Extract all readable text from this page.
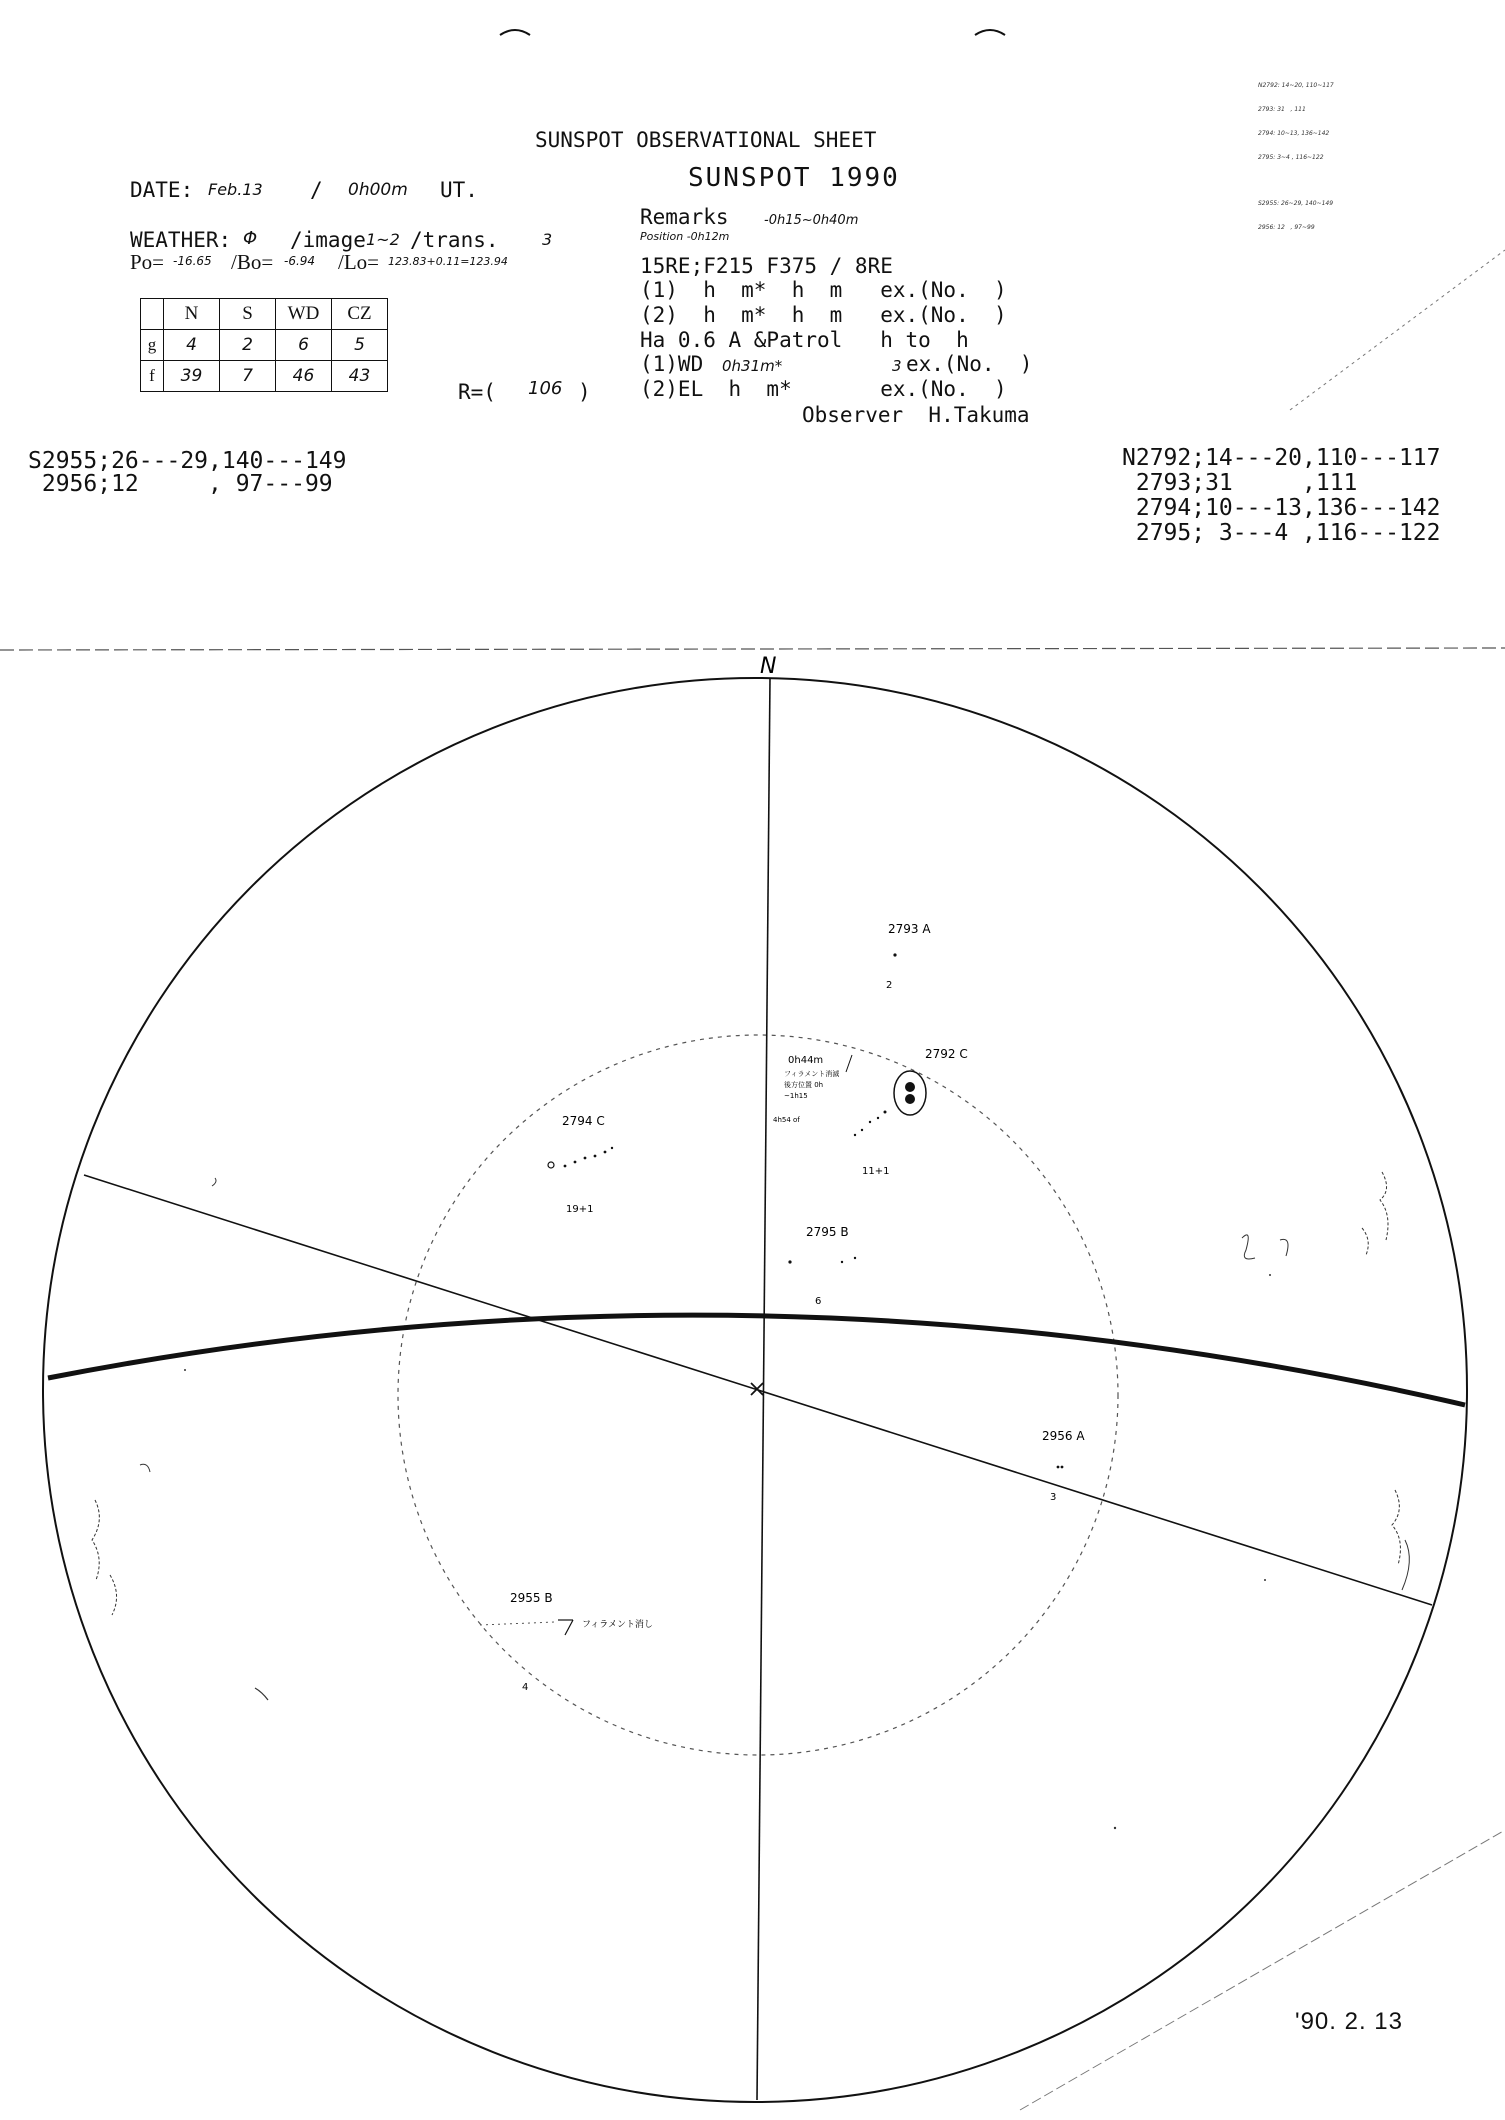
SUNSPOT OBSERVATIONAL SHEET
SUNSPOT 1990
DATE: Feb.13 / 0h00m UT.
WEATHER: Φ /image 1~2 /trans.	3
Po= -16.65 /Bo= -6.94 /Lo= 123.83+0.11=123.94
	N	S	WD	CZ
g	4	2	6	5
f	39	7	46	43
R=( 106 )
Remarks	-0h15~0h40m
Position -0h12m
15RE;F215 F375 / 8RE
(1)  h  m*  h  m   ex.(No.  )
(2)  h  m*  h  m   ex.(No.  )
Ha 0.6 A &Patrol   h to  h
(1)WD 0h31m*	3 ex.(No.  )
(2)EL  h  m*       ex.(No.  )
Observer  H.Takuma
S2955;26---29,140---149
2956;12     , 97---99
N2792;14---20,110---117
2793;31     ,111
2794;10---13,136---142
2795; 3---4 ,116---122

N2792: 14~20, 110~117

2793: 31   , 111

2794: 10~13, 136~142

2795: 3~4 , 116~122

S2955: 26~29, 140~149

2956: 12   , 97~99

N
2793 A
2
2792 C
11+1
0h44m
フィラメント消滅
後方位置 0h
~1h15
4h54 of
2794 C
19+1
2795 B
6
2956 A
3
2955 B
フィラメント消し
4
'90. 2. 13
